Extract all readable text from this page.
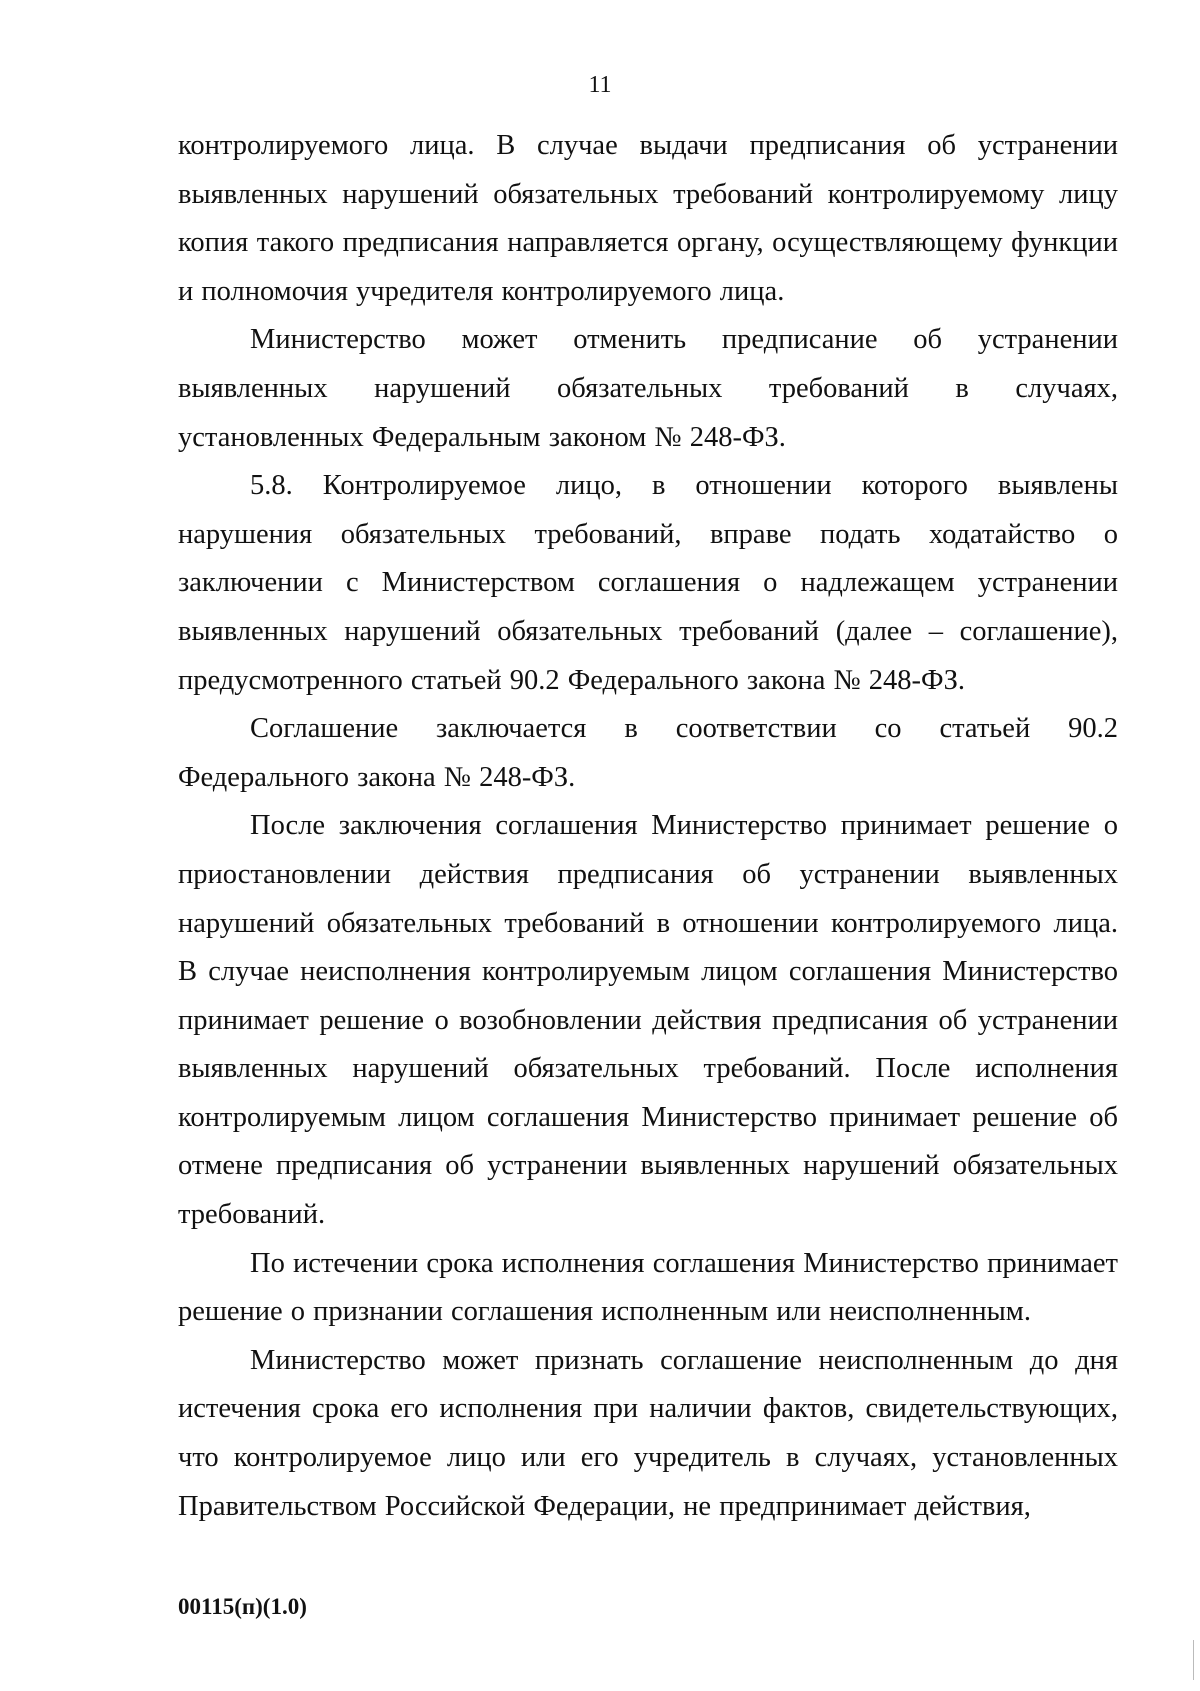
11

контролируемого лица. В случае выдачи предписания об устранении выявленных нарушений обязательных требований контролируемому лицу копия такого предписания направляется органу, осуществляющему функции и полномочия учредителя контролируемого лица.

Министерство может отменить предписание об устранении выявленных нарушений обязательных требований в случаях, установленных Федеральным законом № 248-ФЗ.

5.8. Контролируемое лицо, в отношении которого выявлены нарушения обязательных требований, вправе подать ходатайство о заключении с Министерством соглашения о надлежащем устранении выявленных нарушений обязательных требований (далее – соглашение), предусмотренного статьей 90.2 Федерального закона № 248-ФЗ.

Соглашение заключается в соответствии со статьей 90.2 Федерального закона № 248-ФЗ.

После заключения соглашения Министерство принимает решение о приостановлении действия предписания об устранении выявленных нарушений обязательных требований в отношении контролируемого лица. В случае неисполнения контролируемым лицом соглашения Министерство принимает решение о возобновлении действия предписания об устранении выявленных нарушений обязательных требований. После исполнения контролируемым лицом соглашения Министерство принимает решение об отмене предписания об устранении выявленных нарушений обязательных требований.

По истечении срока исполнения соглашения Министерство принимает решение о признании соглашения исполненным или неисполненным.

Министерство может признать соглашение неисполненным до дня истечения срока его исполнения при наличии фактов, свидетельствующих, что контролируемое лицо или его учредитель в случаях, установленных Правительством Российской Федерации, не предпринимает действия,

00115(п)(1.0)
